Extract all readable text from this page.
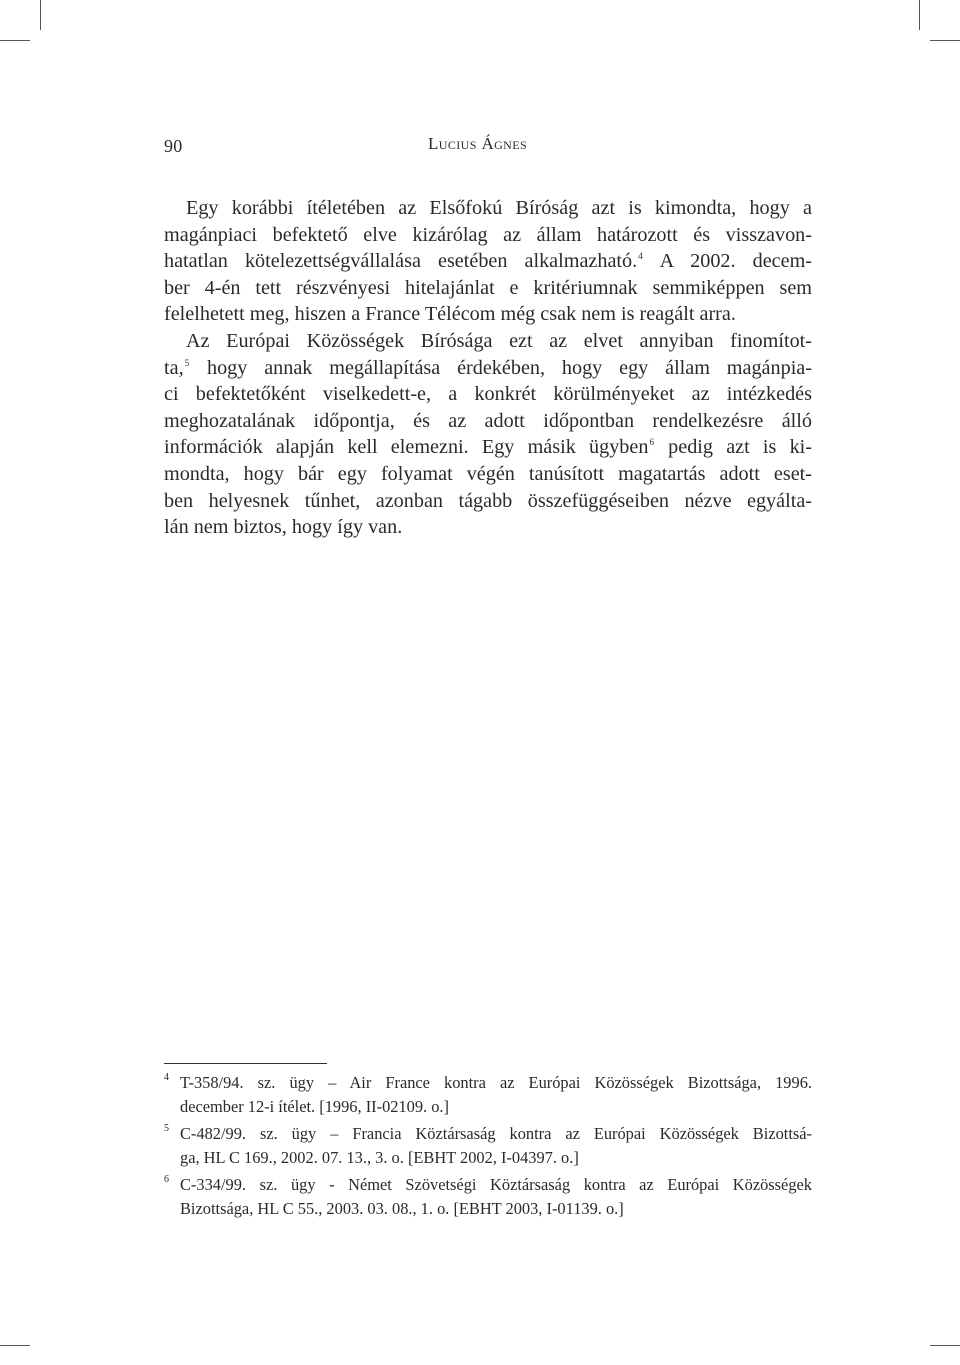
90	Lucius Ágnes
Egy korábbi ítéletében az Elsőfokú Bíróság azt is kimondta, hogy a
magánpiaci befektető elve kizárólag az állam határozott és visszavon-
hatatlan kötelezettségvállalása esetében alkalmazható.$^4$ A 2002. decem-
ber 4-én tett részvényesi hitelajánlat e kritériumnak semmiképpen sem
felelhetett meg, hiszen a France Télécom még csak nem is reagált arra.
Az Európai Közösségek Bírósága ezt az elvet annyiban finomítot-
ta,$^5$ hogy annak megállapítása érdekében, hogy egy állam magánpia-
ci befektetőként viselkedett-e, a konkrét körülményeket az intézkedés
meghozatalának időpontja, és az adott időpontban rendelkezésre álló
információk alapján kell elemezni. Egy másik ügyben$^6$ pedig azt is ki-
mondta, hogy bár egy folyamat végén tanúsított magatartás adott eset-
ben helyesnek tűnhet, azonban tágabb összefüggéseiben nézve egyálta-
lán nem biztos, hogy így van.
4 T-358/94. sz. ügy – Air France kontra az Európai Közösségek Bizottsága, 1996.
december 12-i ítélet. [1996, II-02109. o.]
5 C-482/99. sz. ügy – Francia Köztársaság kontra az Európai Közösségek Bizottsá-
ga, HL C 169., 2002. 07. 13., 3. o. [EBHT 2002, I-04397. o.]
6 C-334/99. sz. ügy - Német Szövetségi Köztársaság kontra az Európai Közösségek
Bizottsága, HL C 55., 2003. 03. 08., 1. o. [EBHT 2003, I-01139. o.]
